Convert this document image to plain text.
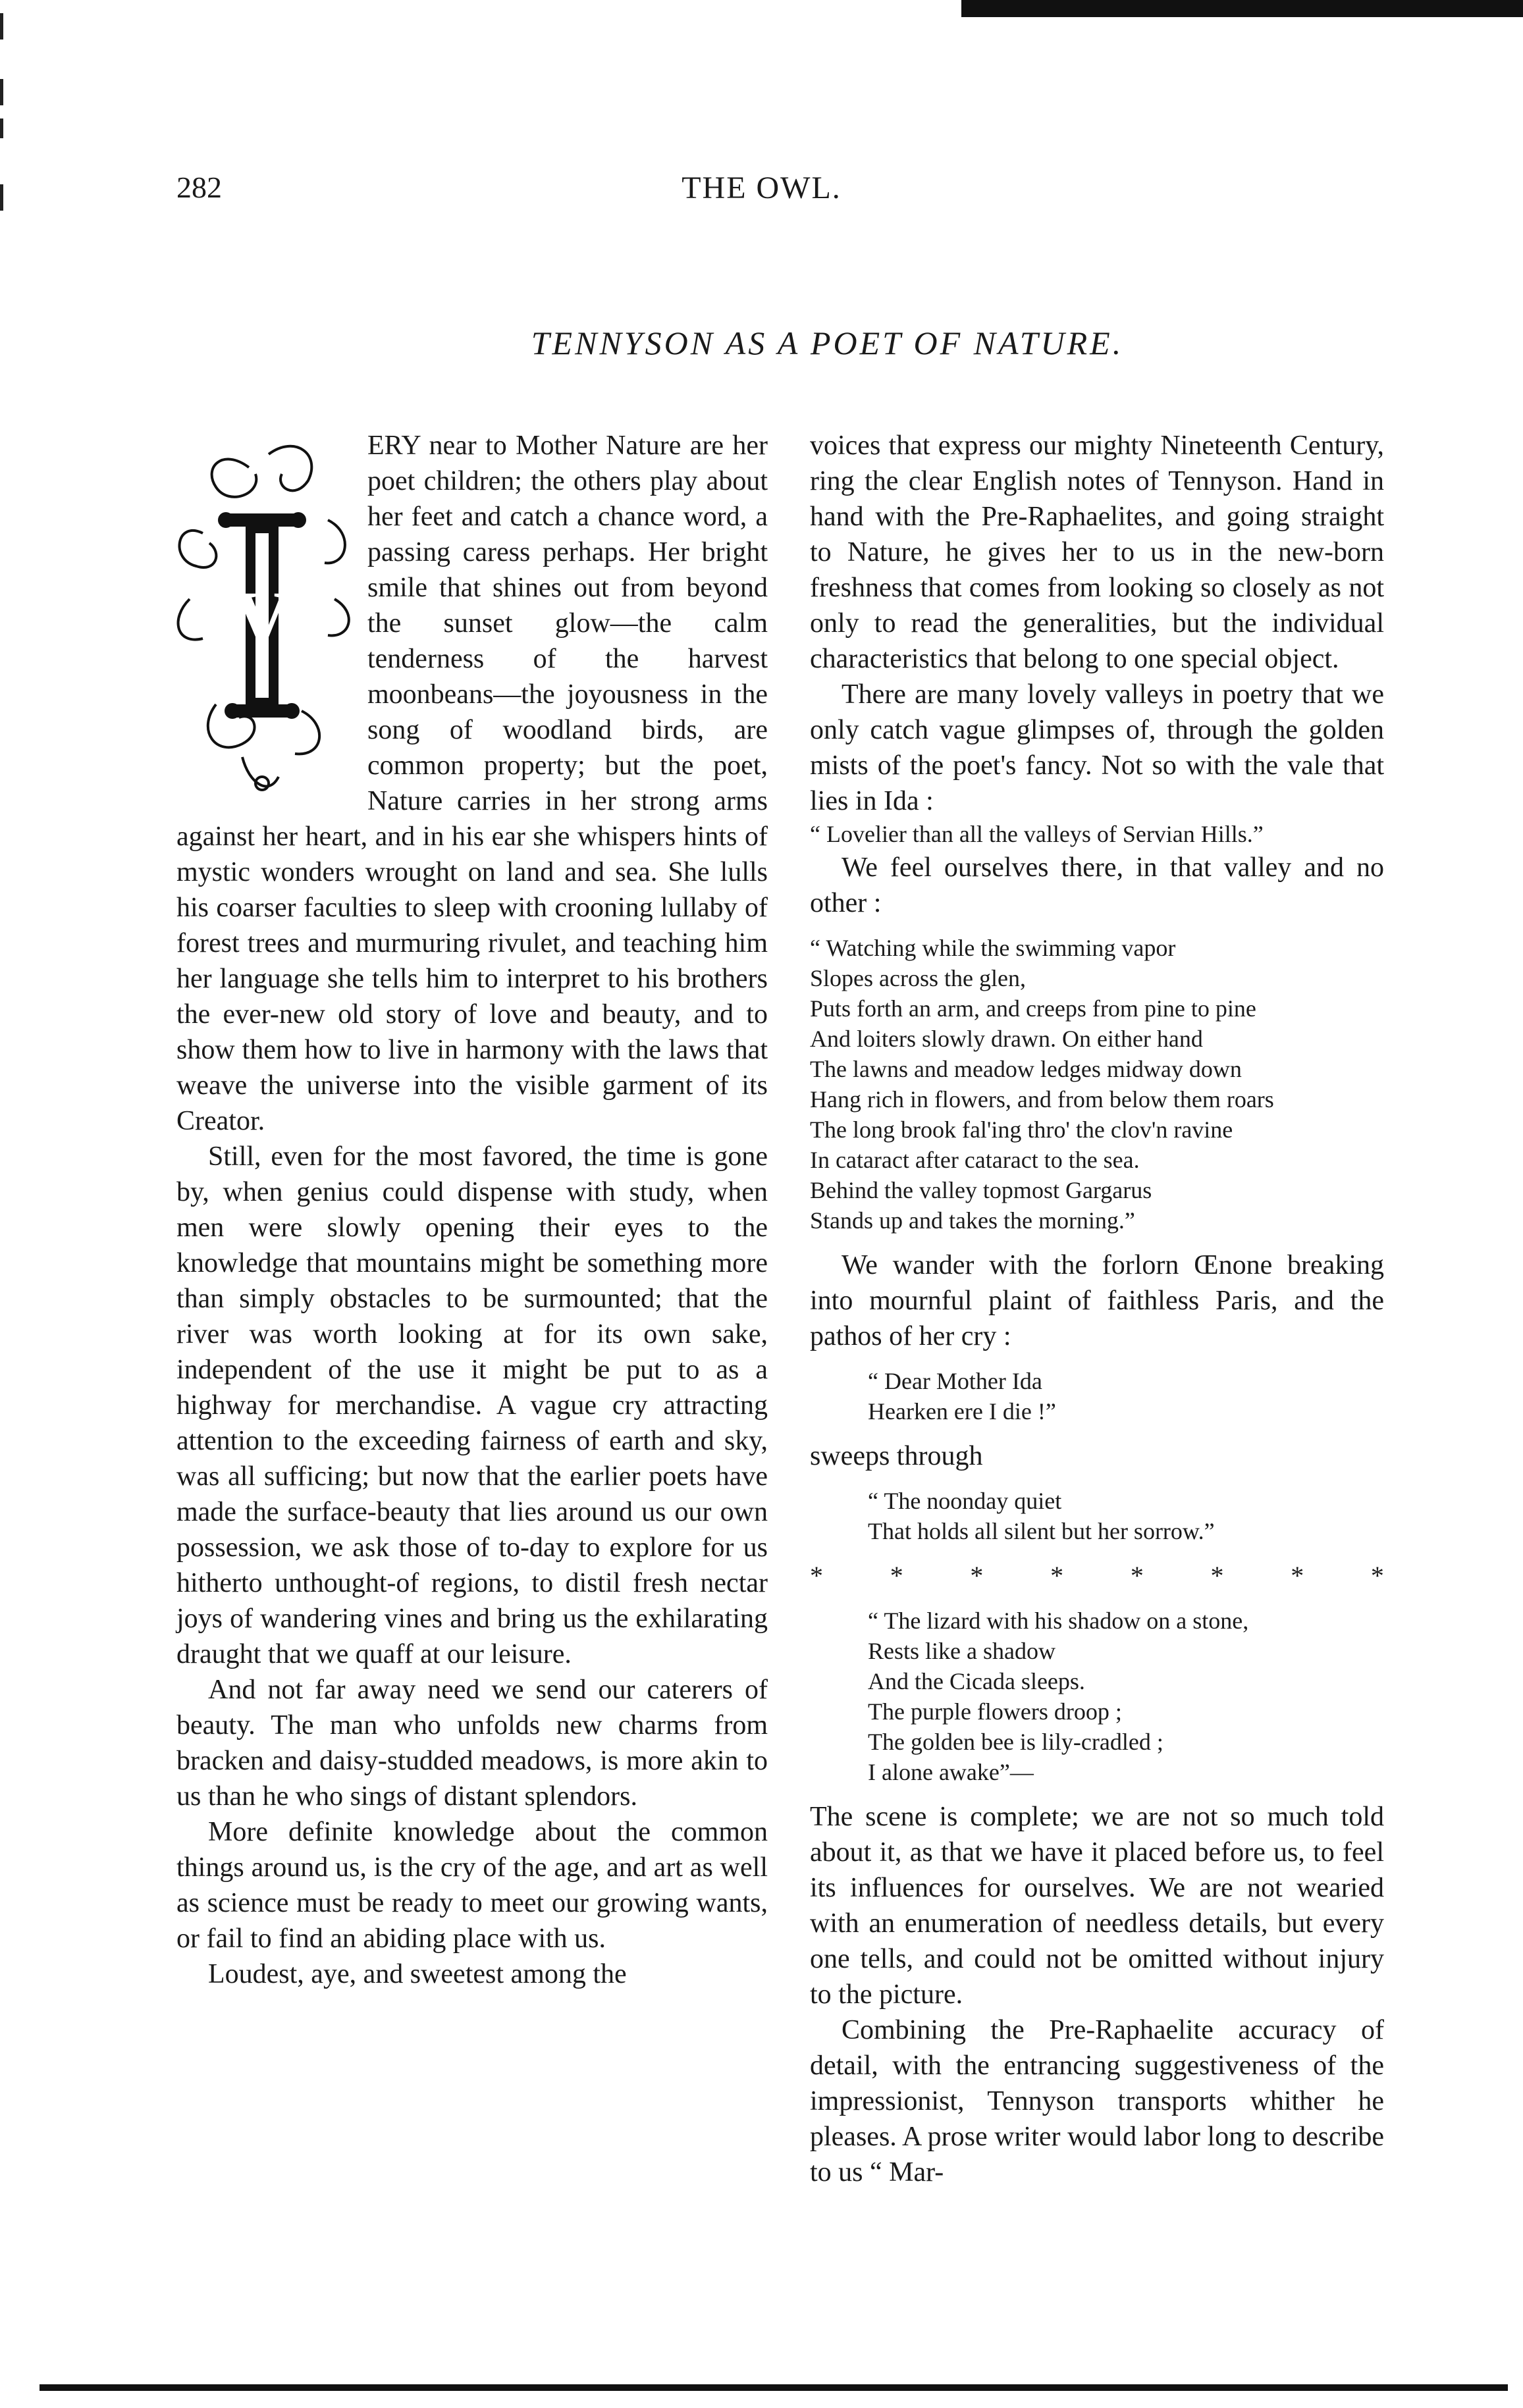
282	THE OWL.
TENNYSON AS A POET OF NATURE.
V

ERY near to Mother Nature are her poet children; the others play about her feet and catch a chance word, a passing caress perhaps. Her bright smile that shines out from beyond the sunset glow—the calm tenderness of the harvest moonbeans—the joyousness in the song of woodland birds, are common property; but the poet, Nature carries in her strong arms against her heart, and in his ear she whispers hints of mystic wonders wrought on land and sea. She lulls his coarser faculties to sleep with crooning lullaby of forest trees and murmuring rivulet, and teaching him her language she tells him to interpret to his brothers the ever-new old story of love and beauty, and to show them how to live in harmony with the laws that weave the universe into the visible garment of its Creator.

Still, even for the most favored, the time is gone by, when genius could dispense with study, when men were slowly opening their eyes to the knowledge that mountains might be something more than simply obstacles to be surmounted; that the river was worth looking at for its own sake, independent of the use it might be put to as a highway for merchandise. A vague cry attracting attention to the exceeding fairness of earth and sky, was all sufficing; but now that the earlier poets have made the surface-beauty that lies around us our own possession, we ask those of to-day to explore for us hitherto unthought-of regions, to distil fresh nectar joys of wandering vines and bring us the exhilarating draught that we quaff at our leisure.

And not far away need we send our caterers of beauty. The man who unfolds new charms from bracken and daisy-studded meadows, is more akin to us than he who sings of distant splendors.

More definite knowledge about the common things around us, is the cry of the age, and art as well as science must be ready to meet our growing wants, or fail to find an abiding place with us.

Loudest, aye, and sweetest among the

voices that express our mighty Nineteenth Century, ring the clear English notes of Tennyson. Hand in hand with the Pre-Raphaelites, and going straight to Nature, he gives her to us in the new-born freshness that comes from looking so closely as not only to read the generalities, but the individual characteristics that belong to one special object.

There are many lovely valleys in poetry that we only catch vague glimpses of, through the golden mists of the poet's fancy. Not so with the vale that lies in Ida :

“ Lovelier than all the valleys of Servian Hills.”

We feel ourselves there, in that valley and no other :

“ Watching while the swimming vapor
Slopes across the glen,
Puts forth an arm, and creeps from pine to pine
And loiters slowly drawn. On either hand
The lawns and meadow ledges midway down
Hang rich in flowers, and from below them roars
The long brook fal'ing thro' the clov'n ravine
In cataract after cataract to the sea.
Behind the valley topmost Gargarus
Stands up and takes the morning.”

We wander with the forlorn Œnone breaking into mournful plaint of faithless Paris, and the pathos of her cry :

“ Dear Mother Ida
Hearken ere I die !”

sweeps through

“ The noonday quiet
That holds all silent but her sorrow.”
*	*	*	*	*	*	*	*
“ The lizard with his shadow on a stone,
Rests like a shadow
And the Cicada sleeps.
The purple flowers droop ;
The golden bee is lily-cradled ;
I alone awake”—

The scene is complete; we are not so much told about it, as that we have it placed before us, to feel its influences for ourselves. We are not wearied with an enumeration of needless details, but every one tells, and could not be omitted without injury to the picture.

Combining the Pre-Raphaelite accuracy of detail, with the entrancing suggestiveness of the impressionist, Tennyson transports whither he pleases. A prose writer would labor long to describe to us “ Mar-
